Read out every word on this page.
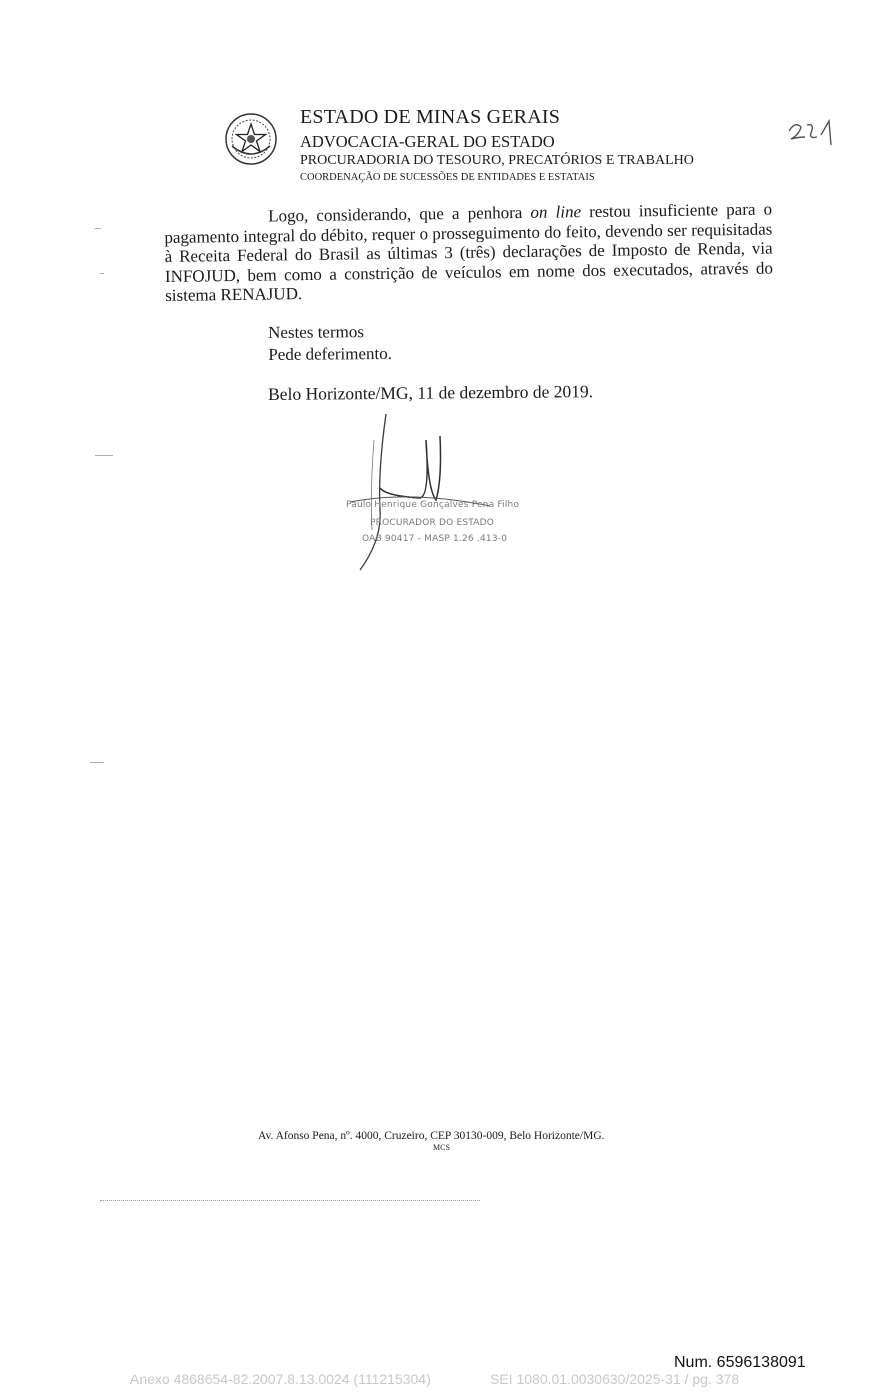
ESTADO DE MINAS GERAIS
ADVOCACIA-GERAL DO ESTADO
PROCURADORIA DO TESOURO, PRECATÓRIOS E TRABALHO
COORDENAÇÃO DE SUCESSÕES DE ENTIDADES E ESTATAIS
Logo, considerando, que a penhora on line restou insuficiente para o pagamento integral do débito, requer o prosseguimento do feito, devendo ser requisitadas à Receita Federal do Brasil as últimas 3 (três) declarações de Imposto de Renda, via INFOJUD, bem como a constrição de veículos em nome dos executados, através do sistema RENAJUD.
Nestes termos
Pede deferimento.
Belo Horizonte/MG, 11 de dezembro de 2019.
Paulo Henrique Gonçalves Pena Filho
PROCURADOR DO ESTADO
OAB 90417 - MASP 1.26 .413-0
Av. Afonso Pena, nº. 4000, Cruzeiro, CEP 30130-009, Belo Horizonte/MG.
MCS
Num. 6596138091
Anexo 4868654-82.2007.8.13.0024 (111215304)	SEI 1080.01.0030630/2025-31 / pg. 378
